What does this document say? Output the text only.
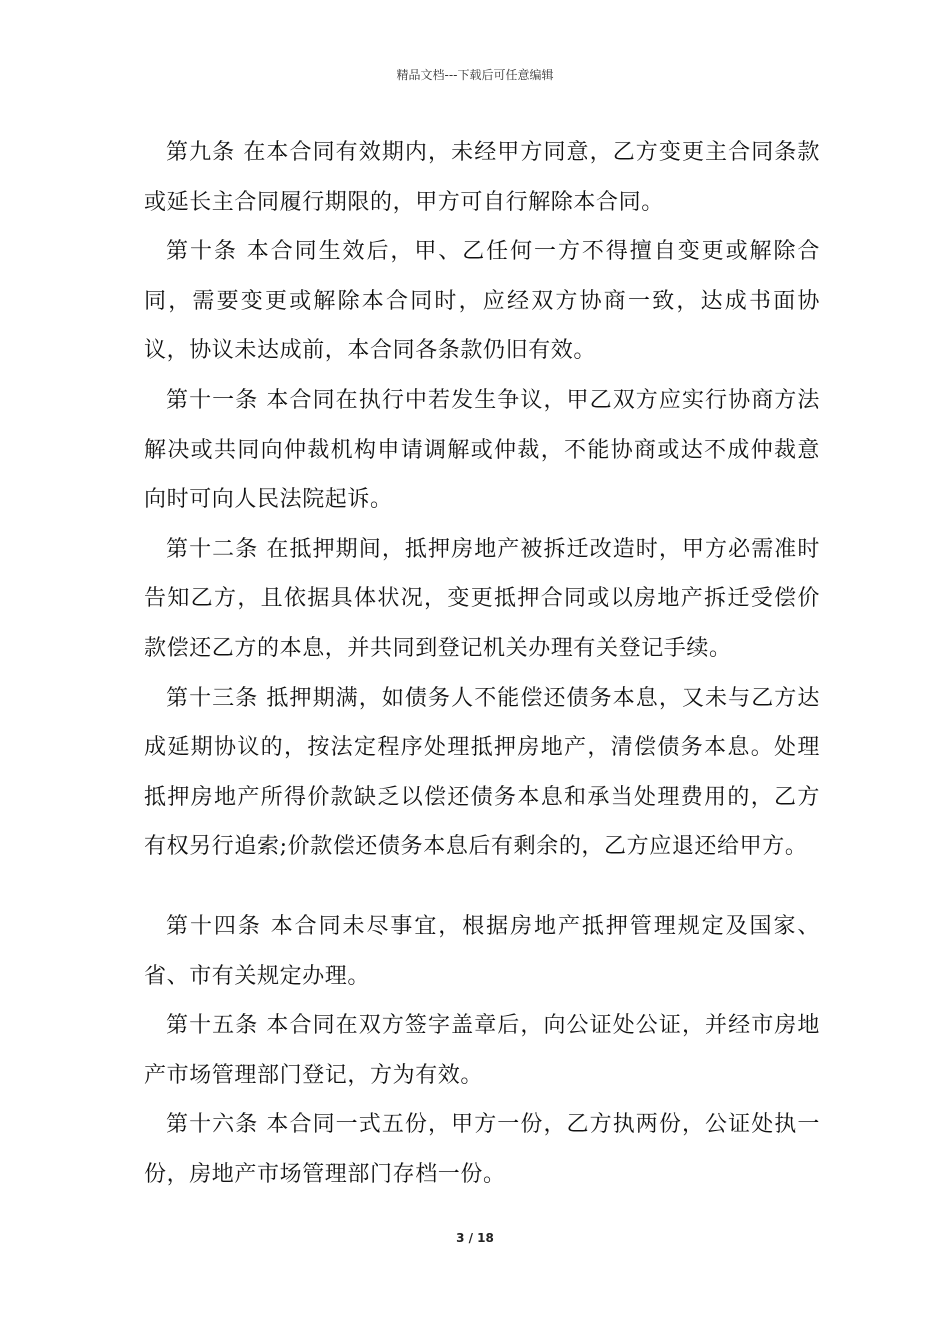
精品文档---下载后可任意编辑

第九条 在本合同有效期内，未经甲方同意，乙方变更主合同条款或延长主合同履行期限的，甲方可自行解除本合同。

第十条 本合同生效后，甲、乙任何一方不得擅自变更或解除合同，需要变更或解除本合同时，应经双方协商一致，达成书面协议，协议未达成前，本合同各条款仍旧有效。

第十一条 本合同在执行中若发生争议，甲乙双方应实行协商方法解决或共同向仲裁机构申请调解或仲裁，不能协商或达不成仲裁意向时可向人民法院起诉。

第十二条 在抵押期间，抵押房地产被拆迁改造时，甲方必需准时告知乙方，且依据具体状况，变更抵押合同或以房地产拆迁受偿价款偿还乙方的本息，并共同到登记机关办理有关登记手续。

第十三条 抵押期满，如债务人不能偿还债务本息，又未与乙方达成延期协议的，按法定程序处理抵押房地产，清偿债务本息。处理抵押房地产所得价款缺乏以偿还债务本息和承当处理费用的，乙方有权另行追索;价款偿还债务本息后有剩余的，乙方应退还给甲方。

第十四条 本合同未尽事宜，根据房地产抵押管理规定及国家、省、市有关规定办理。

第十五条 本合同在双方签字盖章后，向公证处公证，并经市房地产市场管理部门登记，方为有效。

第十六条 本合同一式五份，甲方一份，乙方执两份，公证处执一份，房地产市场管理部门存档一份。

3 / 18
